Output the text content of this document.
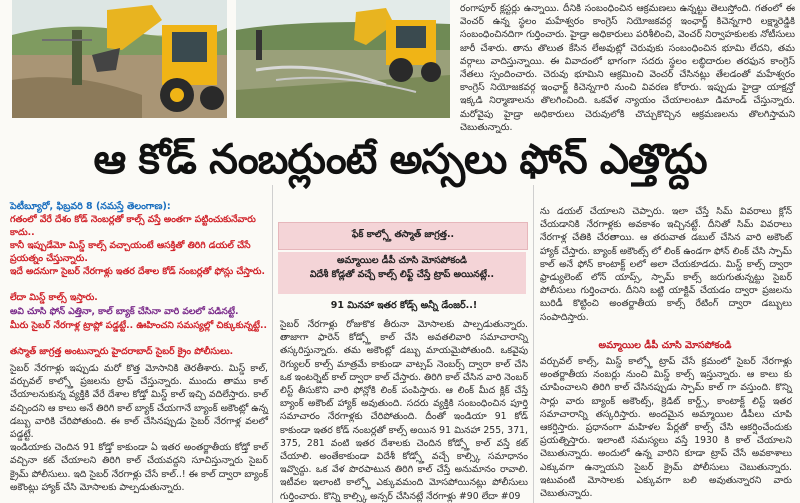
రంగాపూర్ క్లస్టర్లు ఉన్నాయి. దీనికి సంబంధించిన ఆక్రమణలు ఉన్నట్టు తెలుస్తోంది. గతంలో ఈ వెంచర్ ఉన్న స్థలం మహేశ్వరం కాంగ్రెస్ నియోజకవర్గ ఇంఛార్జ్ కిచెన్నగారి లక్ష్మారెడ్డికి సంబంధించినదిగా గుర్తించారు. హైడ్రా అధికారులు పరిశీలించి, వెంచర్ నిర్వాహకులకు నోటీసులు జారీ చేశారు. తాను తొలుత కేసిన లేఅవుట్లో చెరువుకు సంబంధించిన భూమి లేదని, తమ వర్గాలు వాదిస్తున్నాయి. ఈ వివాదంలో భాగంగా సదరు స్థలం లబ్ధిదారుల తరఫున కాంగ్రెస్ నేతలు స్పందించారు. చెరువు భూమిని ఆక్రమించి వెంచర్ చేసినట్లు తేలడంతో మహేశ్వరం కాంగ్రెస్ నియోజకవర్గ ఇంఛార్జ్ కిచెన్నగారి నుంచి వివరణ కోరారు. ఇప్పుడు హైడ్రా యాక్షన్తో ఇక్కడి నిర్మాణాలను తొలగించింది. ఒకవేళ న్యాయం చేయాలంటూ డిమాండ్ చేస్తున్నారు. మరోవైపు హైడ్రా అధికారులు చెరువులోకి చొచ్చుకొచ్చిన ఆక్రమణలను తొలగిస్తామని చెబుతున్నారు.

ఆ కోడ్ నంబర్లుంటే అస్సలు ఫోన్ ఎత్తొద్దు
పెటీబ్యూరో, ఫిబ్రవరి 8 (నమస్తే తెలంగాణ):

గతంలో వేరే దేశం కోడ్ నెంబర్లతో కాల్స్ వస్తే అంతగా పట్టించుకునేవారు కాదు..

కానీ ఇప్పుడేమో మిస్డ్ కాల్స్ వచ్చాయంటే ఆసక్తితో తిరిగి డయల్ చేసే ప్రయత్నం చేస్తున్నారు.

ఇదే అదనుగా సైబర్ నేరగాళ్లు ఇతర దేశాల కోడ్ నంబర్లతో ఫోన్లు చేస్తారు.

లేదా మిస్డ్ కాల్స్ ఇస్తారు.

అవి చూసి ఫోన్ ఎత్తినా, కాల్ బ్యాక్ చేసినా వారి వలలో పడినట్టే.

మీరు సైబర్ నేరగాళ్ల ట్రాప్లో పడ్డట్టే.. ఊహించని సమస్యల్లో చిక్కుకున్నట్టే..

తస్మాత్ జాగ్రత్త అంటున్నారు హైదరాబాద్ సైబర్ క్రైం పోలీసులు.

సైబర్ నేరగాళ్లు ఇప్పుడు మరో కొత్త మోసానికి తెరతీశారు. మిస్డ్ కాల్, వర్చువల్ కాల్స్తో ప్రజలను ట్రాప్ చేస్తున్నారు. ముందు తాము కాల్ చేయాలనుకున్న వ్యక్తికి వేరే దేశాల కోడ్తో మిస్డ్ కాల్ ఇచ్చి వదిలేస్తారు. కాల్ వచ్చిందని ఆ కాలు అనే తిరిగి కాల్ బ్యాక్ చేయగానే బ్యాంక్ అకౌంట్లో ఉన్న డబ్బు వారికి చేరిపోతుంది. ఈ కాల్ చేసినప్పుడు సైబర్ నేరగాళ్ల వలలో పడ్డట్టే.

ఇండియాకు చెందిన 91 కోడ్తో కాకుండా ఏ ఇతర అంతర్జాతీయ కోడ్తో కాల్ వచ్చినా కట్ చేయాలని తిరిగి కాల్ చేయవద్దని సూచిస్తున్నారు సైబర్ క్రైమ్ పోలీసులు. ఇది సైబర్ నేరగాళ్లు చేసే కాల్..! ఈ కాల్ ద్వారా బ్యాంక్ అకౌంట్లు హ్యాక్ చేసి మోసాలకు పాల్పడుతున్నారు.

ఫేక్ కాల్స్తో తస్మాత్ జాగ్రత్త..
అమ్మాయిల డీపీ చూసి మోసపోకండి
విదేశీ కోడ్లతో వచ్చే కాల్స్ లిఫ్ట్ చేస్తే ట్రాప్ అయినట్లే..
91 మినహా ఇతర కోడ్స్ అన్నీ డేంజర్..!

సైబర్ నేరగాళ్లు రోజుకొక తీరునా మోసాలకు పాల్పడుతున్నారు. తాజాగా ఫారెన్ కోడ్స్తో కాల్ చేసి అవతలివారి సమాచారాన్ని తస్కరిస్తున్నారు. తమ అకౌంట్లో డబ్బు మాయమైపోతుంది. ఒకవైపు రెగ్యులర్ కాల్స్ మాత్రమే కాకుండా వాట్సప్ నెంబర్స్ ద్వారా కాల్ చేసి ఒక ఇంటర్నెట్ కాల్ ద్వారా కాల్ చేస్తారు. తిరిగి కాల్ చేసిన వారి నెంబర్ లిస్ట్ తీసుకొని వారి ఫోన్లోకి లింక్ పంపిస్తారు. ఆ లింక్ మీద క్లిక్ చేస్తే బ్యాంక్ అకౌంట్ హ్యాక్ అవుతుంది. సదరు వ్యక్తికి సంబంధించిన పూర్తి సమాచారం నేరగాళ్లకు చేరిపోతుంది. దీంతో ఇండియా 91 కోడ్ కాకుండా ఇతర కోడ్ నంబర్లతో కాల్స్ అయిన 91 మినహా 255, 371, 375, 281 వంటి ఇతర దేశాలకు చెందిన కోడ్స్తో కాల్ వస్తే కట్ చేయాలి. అంతేకాకుండా విదేశీ కోడ్స్తో వచ్చే కాల్స్కి సమాధానం ఇవ్వొద్దు. ఒక వేళ పొరపాటున తిరిగి కాల్ చేస్తే అనుమానం రావాలి. ఇటీవల ఇలాంటి కాల్స్తో ఎక్కువమంది మోసపోయినట్లు పోలీసులు గుర్తించారు. కొన్ని కాల్స్కి అన్సర్ చేసినట్లే నేరగాళ్లు #90 లేదా #09

ను డయల్ చేయాలని చెప్పారు. ఇలా చేస్తే సిమ్ వివరాలు క్లోన్ చేయడానికి నేరగాళ్లకు అవకాశం ఇచ్చినట్టే. దీనితో సిమ్ వివరాలు నేరగాళ్ల చేతికి చేరతాయి. ఆ తరువాత డబుల్ చేసిన వారి అకౌంట్ హ్యాక్ చేస్తారు. బ్యాంక్ అకౌంట్స్ లో లింక్ ఉండగా ఫోన్ లింక్ చేసి స్పామ్ కాల్ అనే ఫోన్ కాంటాక్ట్ లలో అలా చేయకూడదు. మిస్డ్ కాల్స్ ద్వారా ఫ్రాడ్యులెంట్ లోన్ యాప్స్, స్పామ్ కాల్స్ జరుగుతున్నట్టు సైబర్ పోలీసులు గుర్తించారు. దీనిని బట్టి యాక్టివ్ చేయడం ద్వారా ప్రజలను బురిడీ కొట్టించి అంతర్జాతీయ కాల్స్ రేటింగ్ ద్వారా డబ్బులు సంపాదిస్తారు.

అమ్మాయిల డీపీ చూసి మోసపోకండి

వర్చువల్ కాల్స్, మిస్డ్ కాల్స్తో ట్రాప్ చేసే క్రమంలో సైబర్ నేరగాళ్లు అంతర్జాతీయ నంబర్లు నుంచి మిస్డ్ కాల్స్ ఇస్తున్నారు. ఆ కాలు కు చూపించాలని తిరిగి కాల్ చేసినప్పుడు స్పామ్ కాల్ గా వస్తుంది. కొన్ని సార్లు వారు బ్యాంక్ అకౌంట్స్, క్రెడిట్ కార్డ్స్, కాంటాక్ట్ లిస్ట్ ఇతర సమాచారాన్ని తస్కరిస్తారు. అందమైన అమ్మాయిల డీపీలు చూపి ఆకర్షిస్తారు. ప్రధానంగా మహిళల పేర్లతో కాల్స్ చేసి ఆకర్షించేందుకు ప్రయత్నిస్తారు. ఇలాంటి సమస్యలు వస్తే 1930 కి కాల్ చేయాలని చెబుతున్నారు. అందులో ఉన్న వారిని కూడా ట్రాప్ చేసే అవకాశాలు ఎక్కువగా ఉన్నాయని సైబర్ క్రైమ్ పోలీసులు చెబుతున్నారు. ఇటువంటి మోసాలకు ఎక్కువగా బలి అవుతున్నారని వారు చెబుతున్నారు.
